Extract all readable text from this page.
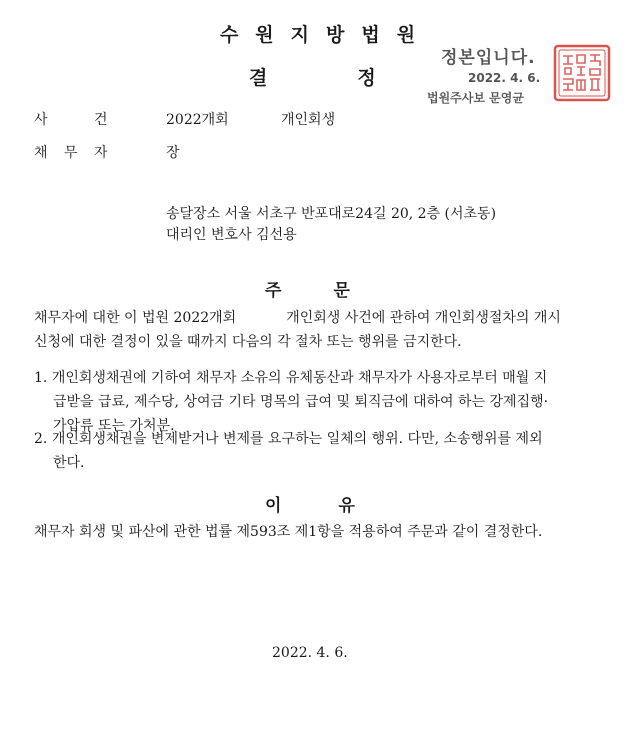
수원지방법원
결	정
정본입니다.
2022. 4. 6.
법원주사보 문영균
사	건	2022개회	개인회생
채 무 자	장
송달장소 서울 서초구 반포대로24길 20, 2층 (서초동)
대리인 변호사 김선용
주	문
채무자에 대한 이 법원 2022개회	개인회생 사건에 관하여 개인회생절차의 개시
신청에 대한 결정이 있을 때까지 다음의 각 절차 또는 행위를 금지한다.
1. 개인회생채권에 기하여 채무자 소유의 유체동산과 채무자가 사용자로부터 매월 지
급받을 급료, 제수당, 상여금 기타 명목의 급여 및 퇴직금에 대하여 하는 강제집행·
가압류 또는 가처분.
2. 개인회생채권을 변제받거나 변제를 요구하는 일체의 행위. 다만, 소송행위를 제외
한다.
이	유
채무자 회생 및 파산에 관한 법률 제593조 제1항을 적용하여 주문과 같이 결정한다.
2022. 4. 6.
